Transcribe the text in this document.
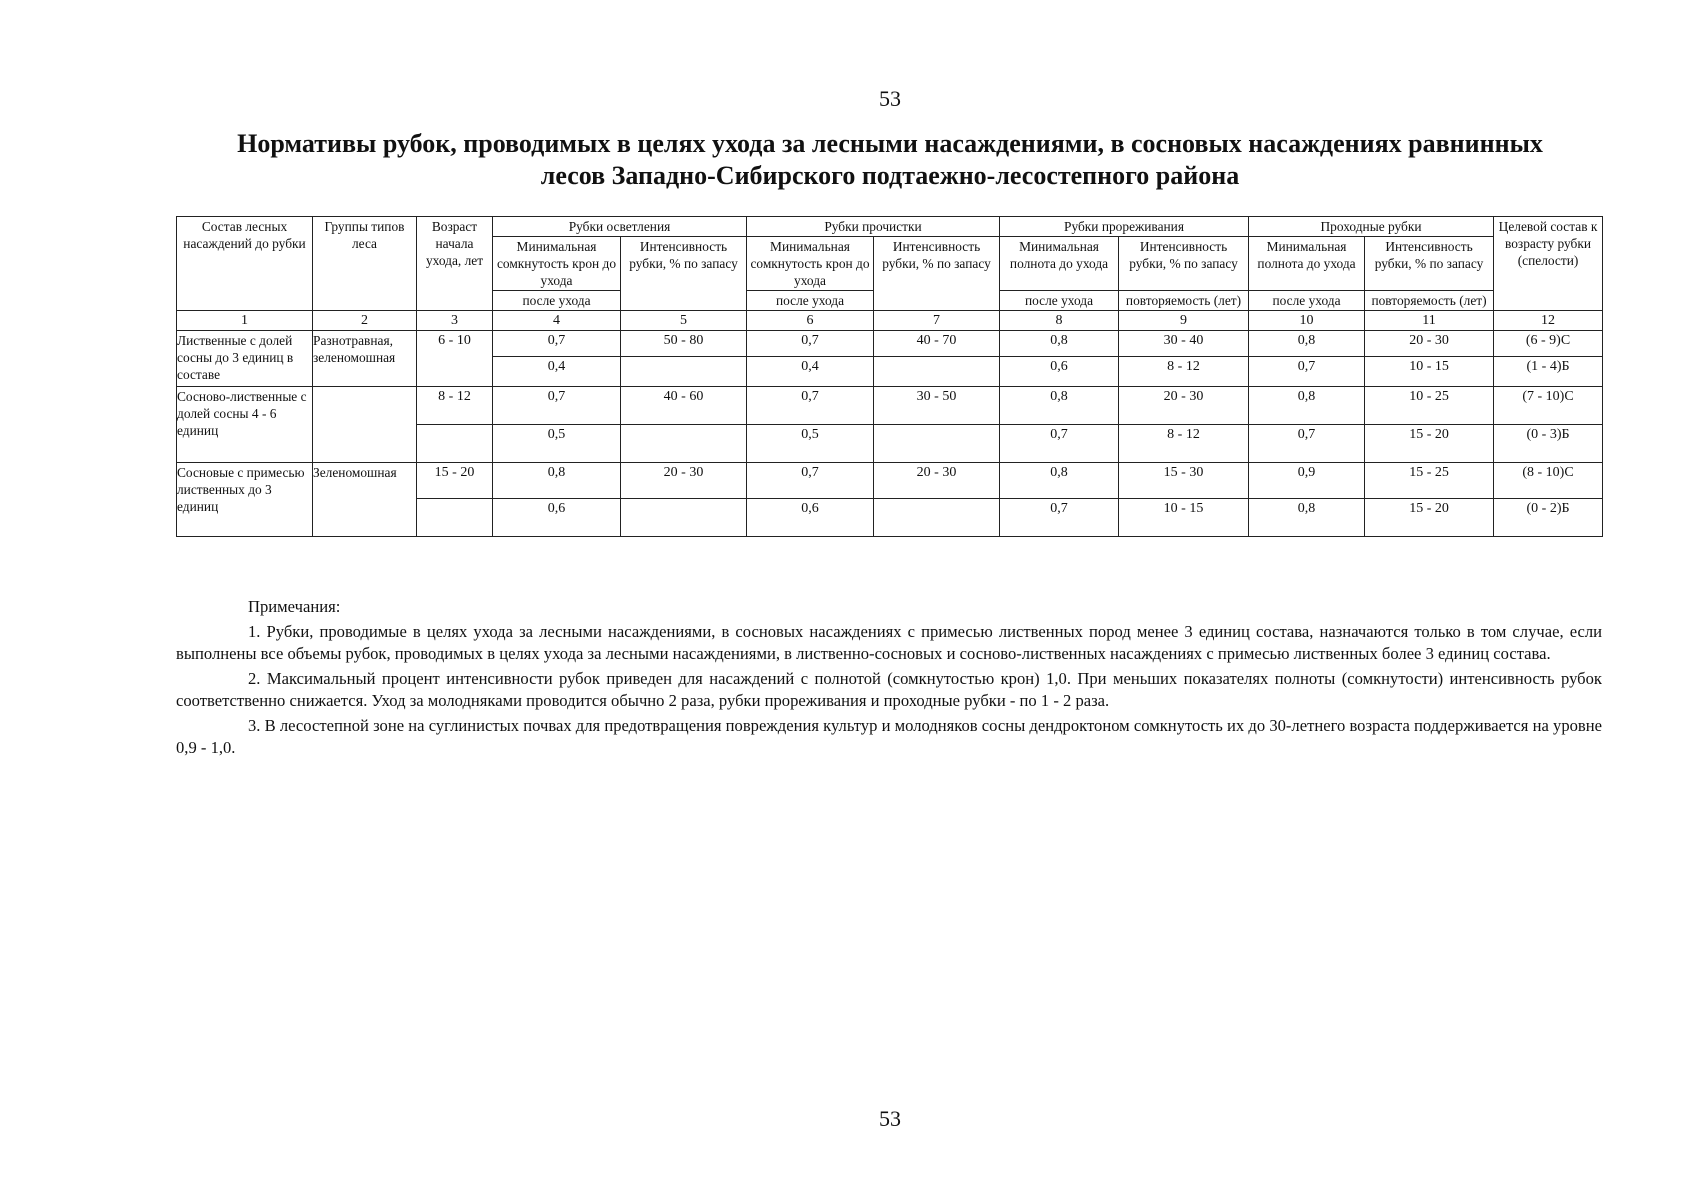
53
Нормативы рубок, проводимых в целях ухода за лесными насаждениями, в сосновых насаждениях равнинных
лесов Западно-Сибирского подтаежно-лесостепного района
Состав лесных насаждений до рубки	Группы типов леса	Возраст начала ухода, лет	Рубки осветления		Рубки прочистки		Рубки прореживания		Проходные рубки		Целевой состав к возрасту рубки (спелости)
			Минимальная сомкнутость крон до ухода	Интенсивность рубки, % по запасу	Минимальная сомкнутость крон до ухода	Интенсивность рубки, % по запасу	Минимальная полнота до ухода	Интенсивность рубки, % по запасу	Минимальная полнота до ухода	Интенсивность рубки, % по запасу	
			после ухода		после ухода		после ухода	повторяемость (лет)	после ухода	повторяемость (лет)	
1	2	3	4	5	6	7	8	9	10	11	12
Лиственные с долей сосны до 3 единиц в составе	Разнотравная, зеленомошная	6 - 10	0,7	50 - 80	0,7	40 - 70	0,8	30 - 40	0,8	20 - 30	(6 - 9)С
			0,4		0,4		0,6	8 - 12	0,7	10 - 15	(1 - 4)Б
Сосново-лиственные с долей сосны 4 - 6 единиц		8 - 12	0,7	40 - 60	0,7	30 - 50	0,8	20 - 30	0,8	10 - 25	(7 - 10)С
			0,5		0,5		0,7	8 - 12	0,7	15 - 20	(0 - 3)Б
Сосновые с примесью лиственных до 3 единиц	Зеленомошная	15 - 20	0,8	20 - 30	0,7	20 - 30	0,8	15 - 30	0,9	15 - 25	(8 - 10)С
			0,6		0,6		0,7	10 - 15	0,8	15 - 20	(0 - 2)Б

Примечания:

1. Рубки, проводимые в целях ухода за лесными насаждениями, в сосновых насаждениях с примесью лиственных пород менее 3 единиц состава, назначаются только в том случае, если выполнены все объемы рубок, проводимых в целях ухода за лесными насаждениями, в лиственно-сосновых и сосново-лиственных насаждениях с примесью лиственных более 3 единиц состава.

2. Максимальный процент интенсивности рубок приведен для насаждений с полнотой (сомкнутостью крон) 1,0. При меньших показателях полноты (сомкнутости) интенсивность рубок соответственно снижается. Уход за молодняками проводится обычно 2 раза, рубки прореживания и проходные рубки - по 1 - 2 раза.

3. В лесостепной зоне на суглинистых почвах для предотвращения повреждения культур и молодняков сосны дендроктоном сомкнутость их до 30-летнего возраста поддерживается на уровне 0,9 - 1,0.

53
